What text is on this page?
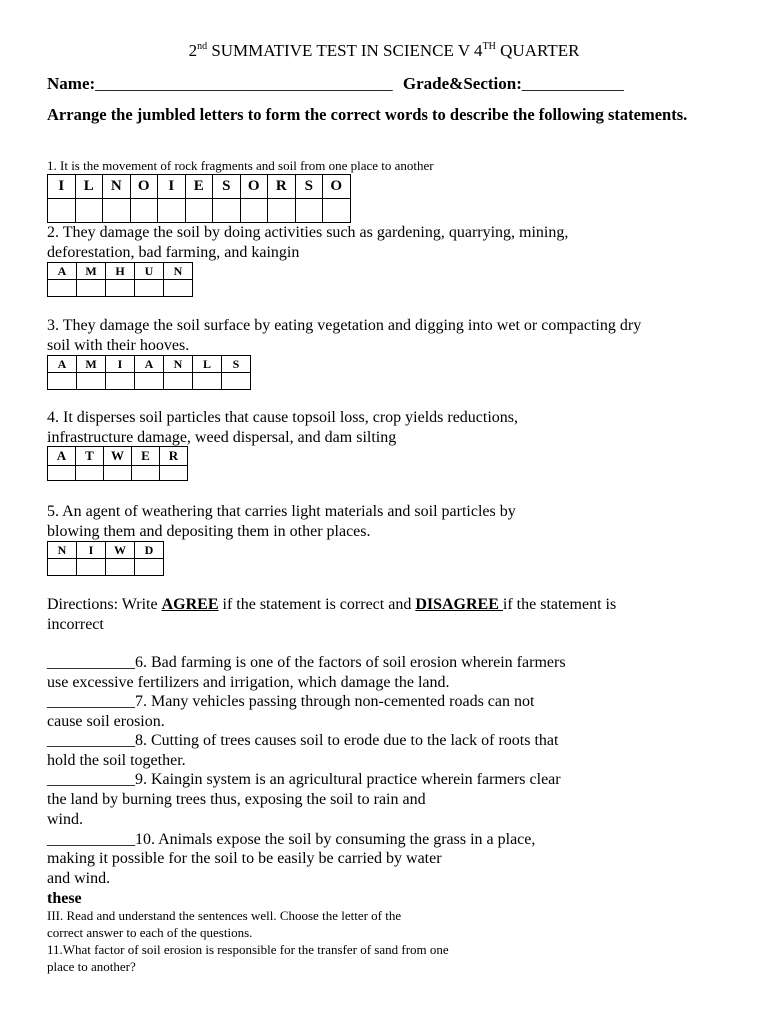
2nd SUMMATIVE TEST IN SCIENCE V 4TH QUARTER
Name:___________________________________ Grade&Section:____________
Arrange the jumbled letters to form the correct words to describe the following statements.
1. It is the movement of rock fragments and soil from one place to another
I	L	N	O	I	E	S	O	R	S	O

2. They damage the soil by doing activities such as gardening, quarrying, mining,
deforestation, bad farming, and kaingin
A	M	H	U	N

3. They damage the soil surface by eating vegetation and digging into wet or compacting dry
soil with their hooves.
A	M	I	A	N	L	S

4. It disperses soil particles that cause topsoil loss, crop yields reductions,
infrastructure damage, weed dispersal, and dam silting
A	T	W	E	R

5. An agent of weathering that carries light materials and soil particles by
blowing them and depositing them in other places.
N	I	W	D

Directions: Write AGREE if the statement is correct and DISAGREE if the statement is
incorrect
___________6. Bad farming is one of the factors of soil erosion wherein farmers
use excessive fertilizers and irrigation, which damage the land.
___________7. Many vehicles passing through non-cemented roads can not
cause soil erosion.
___________8. Cutting of trees causes soil to erode due to the lack of roots that
hold the soil together.
___________9. Kaingin system is an agricultural practice wherein farmers clear
the land by burning trees thus, exposing the soil to rain and
wind.
___________10. Animals expose the soil by consuming the grass in a place,
making it possible for the soil to be easily be carried by water
and wind.
these
III. Read and understand the sentences well. Choose the letter of the
correct answer to each of the questions.
11.What factor of soil erosion is responsible for the transfer of sand from one
place to another?
